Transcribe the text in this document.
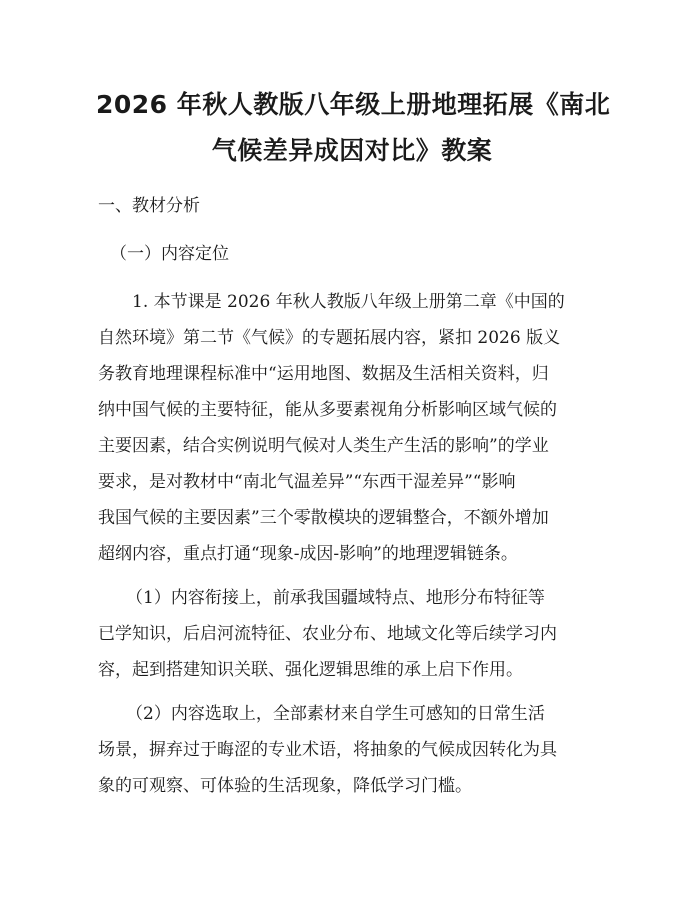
2026 年秋人教版八年级上册地理拓展《南北
气候差异成因对比》教案
一、教材分析
（一）内容定位
1. 本节课是 2026 年秋人教版八年级上册第二章《中国的
自然环境》第二节《气候》的专题拓展内容，紧扣 2026 版义
务教育地理课程标准中“运用地图、数据及生活相关资料，归
纳中国气候的主要特征，能从多要素视角分析影响区域气候的
主要因素，结合实例说明气候对人类生产生活的影响”的学业
要求，是对教材中“南北气温差异”“东西干湿差异”“影响
我国气候的主要因素”三个零散模块的逻辑整合，不额外增加
超纲内容，重点打通“现象-成因-影响”的地理逻辑链条。
（1）内容衔接上，前承我国疆域特点、地形分布特征等
已学知识，后启河流特征、农业分布、地域文化等后续学习内
容，起到搭建知识关联、强化逻辑思维的承上启下作用。
（2）内容选取上，全部素材来自学生可感知的日常生活
场景，摒弃过于晦涩的专业术语，将抽象的气候成因转化为具
象的可观察、可体验的生活现象，降低学习门槛。
